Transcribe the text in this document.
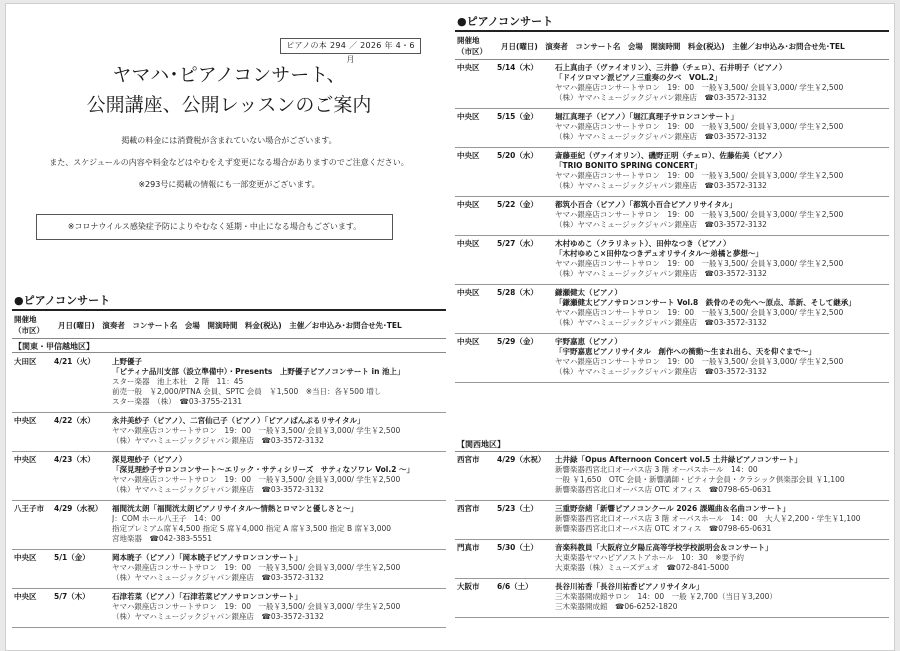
ピアノの本 294 ／ 2026 年 4・6 月
ヤマハ･ピアノコンサート、
公開講座、公開レッスンのご案内
掲載の料金には消費税が含まれていない場合がございます。
また、スケジュールの内容や料金などはやむをえず変更になる場合がありますのでご注意ください。
※293号に掲載の情報にも一部変更がございます。
※コロナウイルス感染症予防によりやむなく延期・中止になる場合もございます。
●ピアノコンサート
開催地（市区）
月日(曜日)　演奏者　コンサート名　会場　開演時間　料金(税込)　主催／お申込み･お問合せ先･TEL
【関東・甲信越地区】
大田区	4/21（火）	上野優子
「ピティナ品川支部（設立準備中）・Presents　上野優子ピアノコンサート in 池上」
スター楽器　池上本社　2 階　11：45
前売一般　￥2,000/PTNA 会員、SPTC 会員　￥1,500　※当日：各￥500 増し
スター楽器　（株）　☎03-3755-2131
中央区	4/22（水）	永井美紗子（ピアノ）、二宮仙己子（ピアノ）「ピアノぱんぷるリサイタル」
ヤマハ銀座店コンサートサロン　19：00　一般￥3,500/ 会員￥3,000/ 学生￥2,500
（株）ヤマハミュージックジャパン銀座店　☎03-3572-3132
中央区	4/23（木）	深見理紗子（ピアノ）
「深見理紗子サロンコンサート〜エリック・サティシリーズ　サティなソワレ Vol.2 〜」
ヤマハ銀座店コンサートサロン　19：00　一般￥3,500/ 会員￥3,000/ 学生￥2,500
（株）ヤマハミュージックジャパン銀座店　☎03-3572-3132
八王子市	4/29（水祝） 福間洸太朗「福間洸太朗ピアノリサイタル〜情熱とロマンと優しさと〜」
J：COM ホール八王子　14：00
指定プレミアム席￥4,500 指定 S 席￥4,000 指定 A 席￥3,500 指定 B 席￥3,000
宮地楽器　☎042-383-5551
中央区	5/1（金）	岡本暁子（ピアノ）「岡本暁子ピアノサロンコンサート」
ヤマハ銀座店コンサートサロン　19：00　一般￥3,500/ 会員￥3,000/ 学生￥2,500
（株）ヤマハミュージックジャパン銀座店　☎03-3572-3132
中央区	5/7（木）	石津若菜（ピアノ）「石津若菜ピアノサロンコンサート」
ヤマハ銀座店コンサートサロン　19：00　一般￥3,500/ 会員￥3,000/ 学生￥2,500
（株）ヤマハミュージックジャパン銀座店　☎03-3572-3132
●ピアノコンサート
開催地（市区）
月日(曜日)　演奏者　コンサート名　会場　開演時間　料金(税込)　主催／お申込み･お問合せ先･TEL
中央区	5/14（木）	石上真由子（ヴァイオリン）、三井静（チェロ）、石井明子（ピアノ）
「ドイツロマン派ピアノ三重奏の夕べ　VOL.2」
ヤマハ銀座店コンサートサロン　19：00　一般￥3,500/ 会員￥3,000/ 学生￥2,500
（株）ヤマハミュージックジャパン銀座店　☎03-3572-3132
中央区	5/15（金）	堀江真理子（ピアノ）「堀江真理子サロンコンサート」
ヤマハ銀座店コンサートサロン　19：00　一般￥3,500/ 会員￥3,000/ 学生￥2,500
（株）ヤマハミュージックジャパン銀座店　☎03-3572-3132
中央区	5/20（水）	斎藤亜紀（ヴァイオリン）、磯野正明（チェロ）、佐藤佑美（ピアノ）
「TRIO BONITO SPRING CONCERT」
ヤマハ銀座店コンサートサロン　19：00　一般￥3,500/ 会員￥3,000/ 学生￥2,500
（株）ヤマハミュージックジャパン銀座店　☎03-3572-3132
中央区	5/22（金）	都筑小百合（ピアノ）「都筑小百合ピアノリサイタル」
ヤマハ銀座店コンサートサロン　19：00　一般￥3,500/ 会員￥3,000/ 学生￥2,500
（株）ヤマハミュージックジャパン銀座店　☎03-3572-3132
中央区	5/27（水）	木村ゆめこ（クラリネット）、田仲なつき（ピアノ）
「木村ゆめこ×田仲なつきデュオリサイタル〜弟橘と夢想〜」
ヤマハ銀座店コンサートサロン　19：00　一般￥3,500/ 会員￥3,000/ 学生￥2,500
（株）ヤマハミュージックジャパン銀座店　☎03-3572-3132
中央区	5/28（木）	鎌瀬健太（ピアノ）
「鎌瀬健太ピアノサロンコンサート Vol.8　鉄骨のその先へ〜原点、革新、そして継承」
ヤマハ銀座店コンサートサロン　19：00　一般￥3,500/ 会員￥3,000/ 学生￥2,500
（株）ヤマハミュージックジャパン銀座店　☎03-3572-3132
中央区	5/29（金）	宇野嘉恵（ピアノ）
「宇野嘉恵ピアノリサイタル　創作への衝動〜生まれ出ら、天を仰ぐまで〜」
ヤマハ銀座店コンサートサロン　19：00　一般￥3,500/ 会員￥3,000/ 学生￥2,500
（株）ヤマハミュージックジャパン銀座店　☎03-3572-3132
【関西地区】
西宮市	4/29（水祝） 土井緑「Opus Afternoon Concert vol.5 土井緑ピアノコンサート」
新響楽器西宮北口オーパス店 3 階 オーパスホール　14：00
一般 ￥1,650　OTC 会員・新響講師・ピティナ会員・クラシック倶楽部会員 ￥1,100
新響楽器西宮北口オーパス店 OTC オフィス　☎0798-65-0631
西宮市	5/23（土）	三重野奈緒「新響ピアノコンクール 2026 課題曲＆名曲コンサート」
新響楽器西宮北口オーパス店 3 階 オーパスホール　14：00　大人￥2,200・学生￥1,100
新響楽器西宮北口オーパス店 OTC オフィス　☎0798-65-0631
門真市	5/30（土）	音楽科教員「大阪府立夕陽丘高等学校学校説明会＆コンサート」
大東楽器ヤマハピアノストアホール　10：30　※要予約
大東楽器（株）ミューズデュオ　☎072-841-5000
大阪市	6/6（土）	長谷川祐香「長谷川祐香ピアノリサイタル」
三木楽器開成館サロン　14：00　一般 ￥2,700（当日￥3,200）
三木楽器開成館　☎06-6252-1820
